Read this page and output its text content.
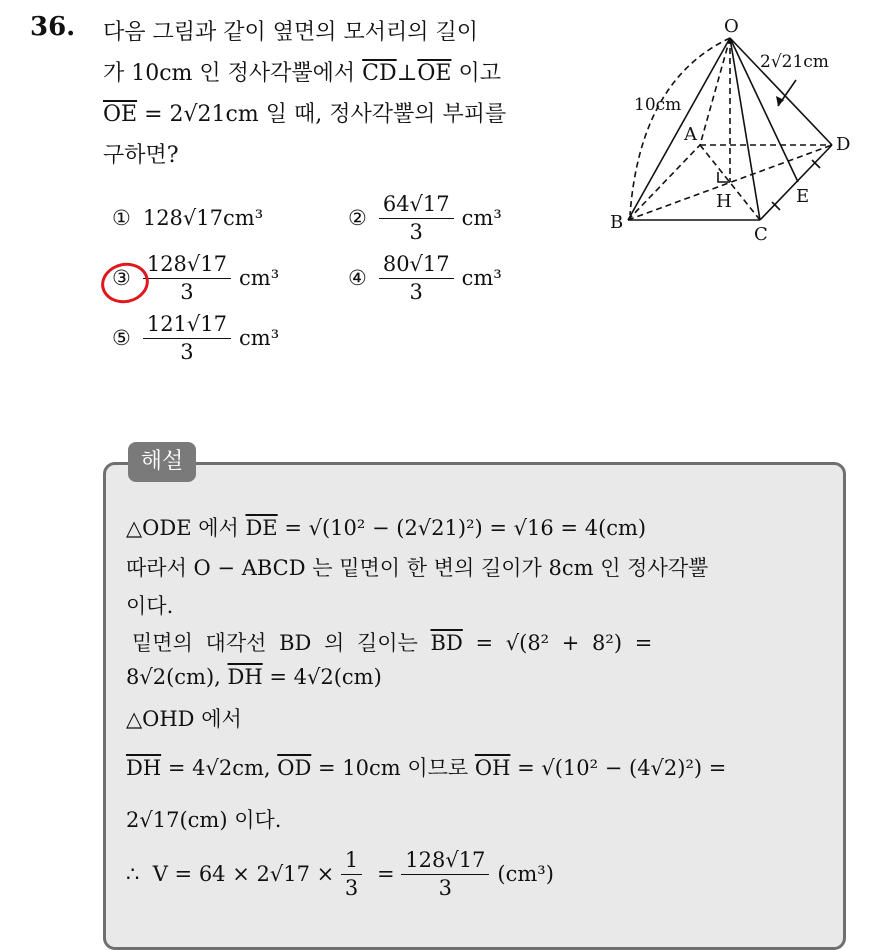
36. 다음 그림과 같이 옆면의 모서리의 길이
가 10cm 인 정사각뿔에서 $\overline{CD}\perp\overline{OE}$ 이고
$\overline{OE} = 2√21cm$ 일 때, 정사각뿔의 부피를
구하면?
① 128√17cm³	② $\frac{64√17}{3} cm^3$
③ $\frac{128√17}{3} cm^3$	④ $\frac{80√17}{3} cm^3$
⑤ $\frac{121√17}{3} cm^3$
O
A
B
C
D
E
H
10cm
2√21cm
해설
△ODE 에서 $\overline{DE} = √(10^2 - (2√21)^2) = √16 = 4(cm)$
따라서 O − ABCD 는 밑면이 한 변의 길이가 8cm 인 정사각뿔
이다.
밑면의 대각선 BD 의 길이는 $\overline{BD} = √(8^2 + 8^2)$ =
8√2(cm), $\overline{DH} = 4√2(cm)$
△OHD 에서
$\overline{DH} = 4√2cm$, $\overline{OD} = 10cm$ 이므로 $\overline{OH} = √(10^2 - (4√2)^2)$ =
2√17(cm) 이다.
∴  $V = 64 \times 2√17 \times \frac{1}{3} = \frac{128√17}{3} (cm^3)$
